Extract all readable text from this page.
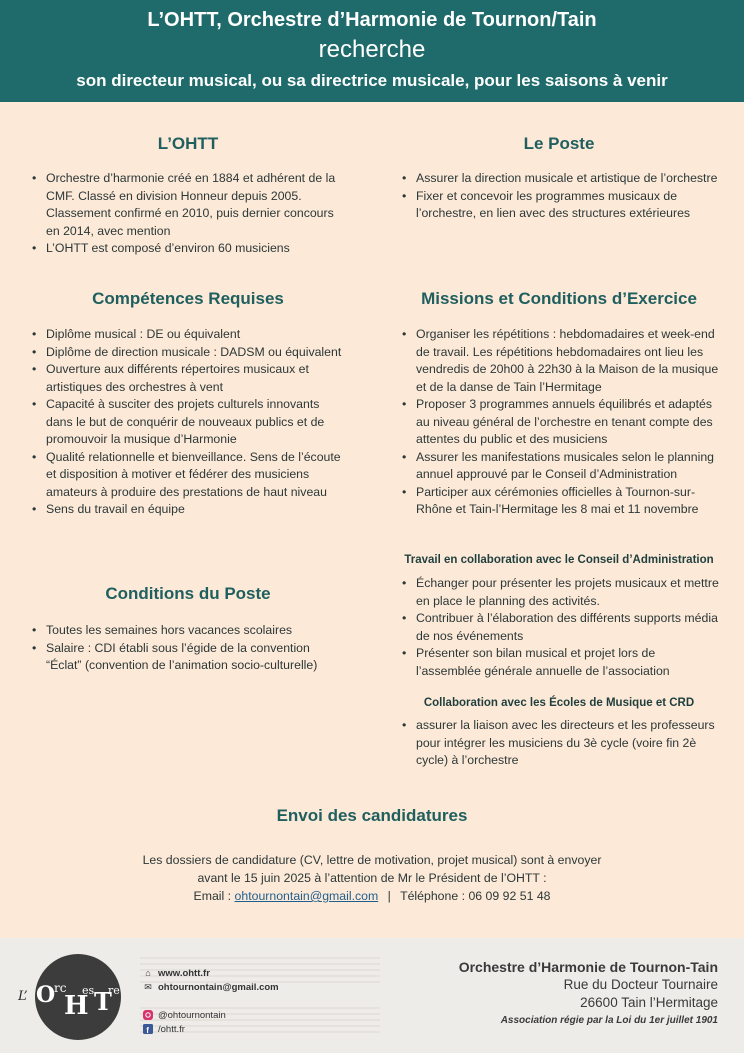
L’OHTT, Orchestre d’Harmonie de Tournon/Tain
recherche
son directeur musical, ou sa directrice musicale, pour les saisons à venir
L’OHTT
• Orchestre d’harmonie créé en 1884 et adhérent de la CMF. Classé en division Honneur depuis 2005. Classement confirmé en 2010, puis dernier concours en 2014, avec mention
• L’OHTT est composé d’environ 60 musiciens
Compétences Requises
• Diplôme musical : DE ou équivalent
• Diplôme de direction musicale : DADSM ou équivalent
• Ouverture aux différents répertoires musicaux et artistiques des orchestres à vent
• Capacité à susciter des projets culturels innovants dans le but de conquérir de nouveaux publics et de promouvoir la musique d’Harmonie
• Qualité relationnelle et bienveillance. Sens de l’écoute et disposition à motiver et fédérer des musiciens amateurs à produire des prestations de haut niveau
• Sens du travail en équipe
Conditions du Poste
• Toutes les semaines hors vacances scolaires
• Salaire : CDI établi sous l’égide de la convention “Éclat” (convention de l’animation socio-culturelle)
Le Poste
• Assurer la direction musicale et artistique de l’orchestre
• Fixer et concevoir les programmes musicaux de l’orchestre, en lien avec des structures extérieures
Missions et Conditions d’Exercice
• Organiser les répétitions : hebdomadaires et week-end de travail. Les répétitions hebdomadaires ont lieu les vendredis de 20h00 à 22h30 à la Maison de la musique et de la danse de Tain l’Hermitage
• Proposer 3 programmes annuels équilibrés et adaptés au niveau général de l’orchestre en tenant compte des attentes du public et des musiciens
• Assurer les manifestations musicales selon le planning annuel approuvé par le Conseil d’Administration
• Participer aux cérémonies officielles à Tournon-sur-Rhône et Tain-l’Hermitage les 8 mai et 11 novembre
Travail en collaboration avec le Conseil d’Administration
• Échanger pour présenter les projets musicaux et mettre en place le planning des activités.
• Contribuer à l’élaboration des différents supports média de nos événements
• Présenter son bilan musical et projet lors de l’assemblée générale annuelle de l’association
Collaboration avec les Écoles de Musique et CRD
• assurer la liaison avec les directeurs et les professeurs pour intégrer les musiciens du 3è cycle (voire fin 2è cycle) à l’orchestre
Envoi des candidatures
Les dossiers de candidature (CV, lettre de motivation, projet musical) sont à envoyer
avant le 15 juin 2025 à l’attention de Mr le Président de l’OHTT :
Email : ohtournontain@gmail.com | Téléphone : 06 09 92 51 48
L’ O
rc
H
es T
re
⌂ www.ohtt.fr
✉ ohtournontain@gmail.com
@ohtournontain
f /ohtt.fr
Orchestre d’Harmonie de Tournon-Tain
Rue du Docteur Tournaire
26600 Tain l’Hermitage
Association régie par la Loi du 1er juillet 1901
